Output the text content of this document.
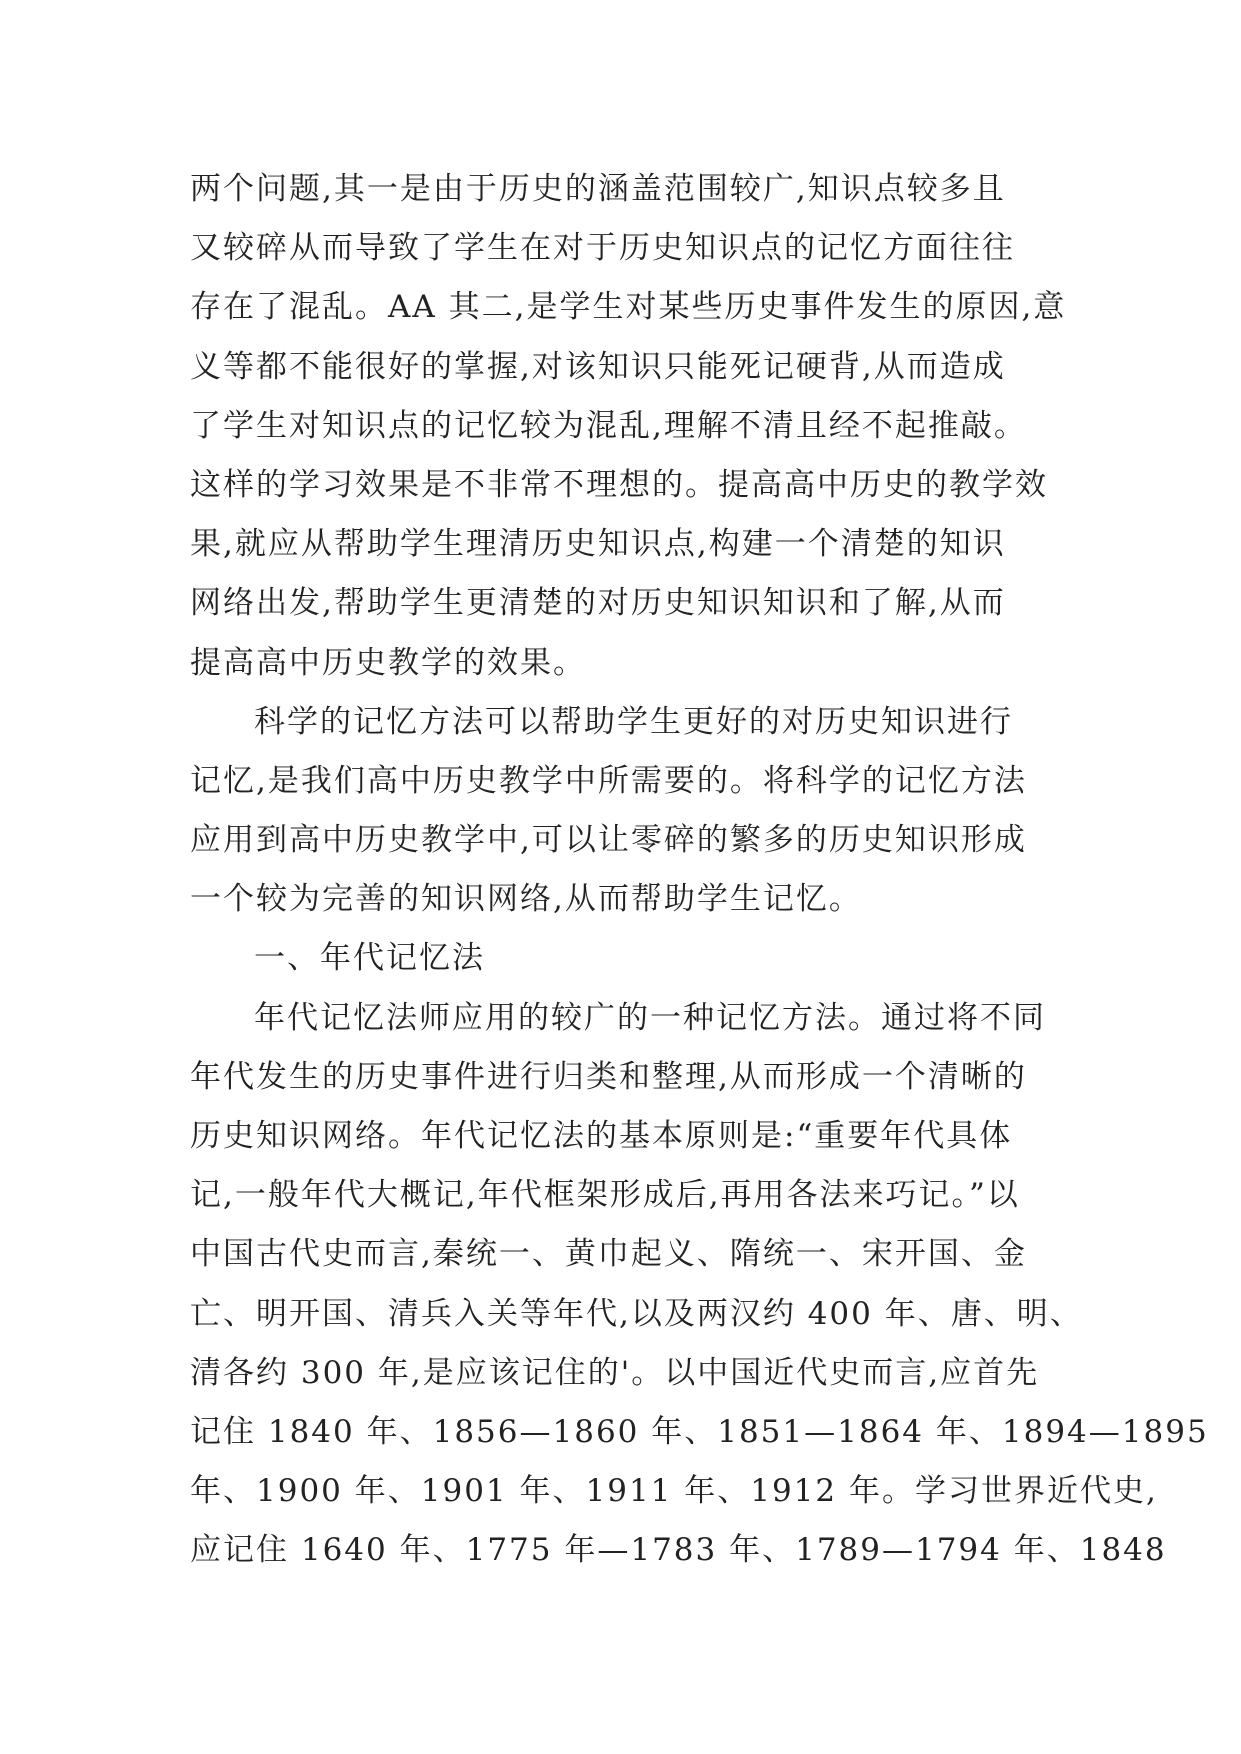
两个问题,其一是由于历史的涵盖范围较广,知识点较多且
又较碎从而导致了学生在对于历史知识点的记忆方面往往
存在了混乱。AA 其二,是学生对某些历史事件发生的原因,意
义等都不能很好的掌握,对该知识只能死记硬背,从而造成
了学生对知识点的记忆较为混乱,理解不清且经不起推敲。
这样的学习效果是不非常不理想的。提高高中历史的教学效
果,就应从帮助学生理清历史知识点,构建一个清楚的知识
网络出发,帮助学生更清楚的对历史知识知识和了解,从而
提高高中历史教学的效果。
科学的记忆方法可以帮助学生更好的对历史知识进行
记忆,是我们高中历史教学中所需要的。将科学的记忆方法
应用到高中历史教学中,可以让零碎的繁多的历史知识形成
一个较为完善的知识网络,从而帮助学生记忆。
一、年代记忆法
年代记忆法师应用的较广的一种记忆方法。通过将不同
年代发生的历史事件进行归类和整理,从而形成一个清晰的
历史知识网络。年代记忆法的基本原则是:“重要年代具体
记,一般年代大概记,年代框架形成后,再用各法来巧记。”以
中国古代史而言,秦统一、黄巾起义、隋统一、宋开国、金
亡、明开国、清兵入关等年代,以及两汉约 400 年、唐、明、
清各约 300 年,是应该记住的'。以中国近代史而言,应首先
记住 1840 年、1856—1860 年、1851—1864 年、1894—1895
年、1900 年、1901 年、1911 年、1912 年。学习世界近代史,
应记住 1640 年、1775 年—1783 年、1789—1794 年、1848
